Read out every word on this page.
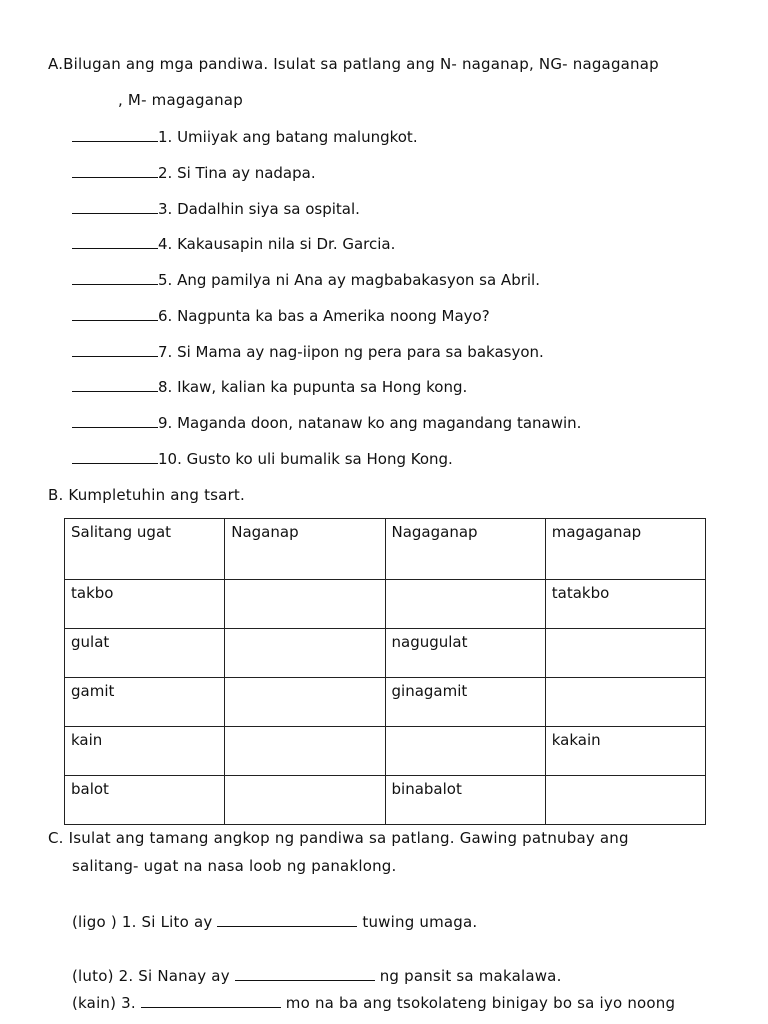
A.Bilugan ang mga pandiwa. Isulat sa patlang ang N- naganap, NG- nagaganap
, M- magaganap
1. Umiiyak ang batang malungkot.
2. Si Tina ay nadapa.
3. Dadalhin siya sa ospital.
4. Kakausapin nila si Dr. Garcia.
5. Ang pamilya ni Ana ay magbabakasyon sa Abril.
6. Nagpunta ka bas a Amerika noong Mayo?
7. Si Mama ay nag-iipon ng pera para sa bakasyon.
8. Ikaw, kalian ka pupunta sa Hong kong.
9. Maganda doon, natanaw ko ang magandang tanawin.
10. Gusto ko uli bumalik sa Hong Kong.
B. Kumpletuhin ang tsart.
Salitang ugat	Naganap	Nagaganap	magaganap
takbo			tatakbo
gulat		nagugulat	
gamit		ginagamit	
kain			kakain
balot		binabalot	
C. Isulat ang tamang angkop ng pandiwa sa patlang. Gawing patnubay ang
salitang- ugat na nasa loob ng panaklong.
(ligo ) 1. Si Lito ay	tuwing umaga.
(luto) 2. Si Nanay ay	ng pansit sa makalawa.
(kain) 3.	mo na ba ang tsokolateng binigay bo sa iyo noong
